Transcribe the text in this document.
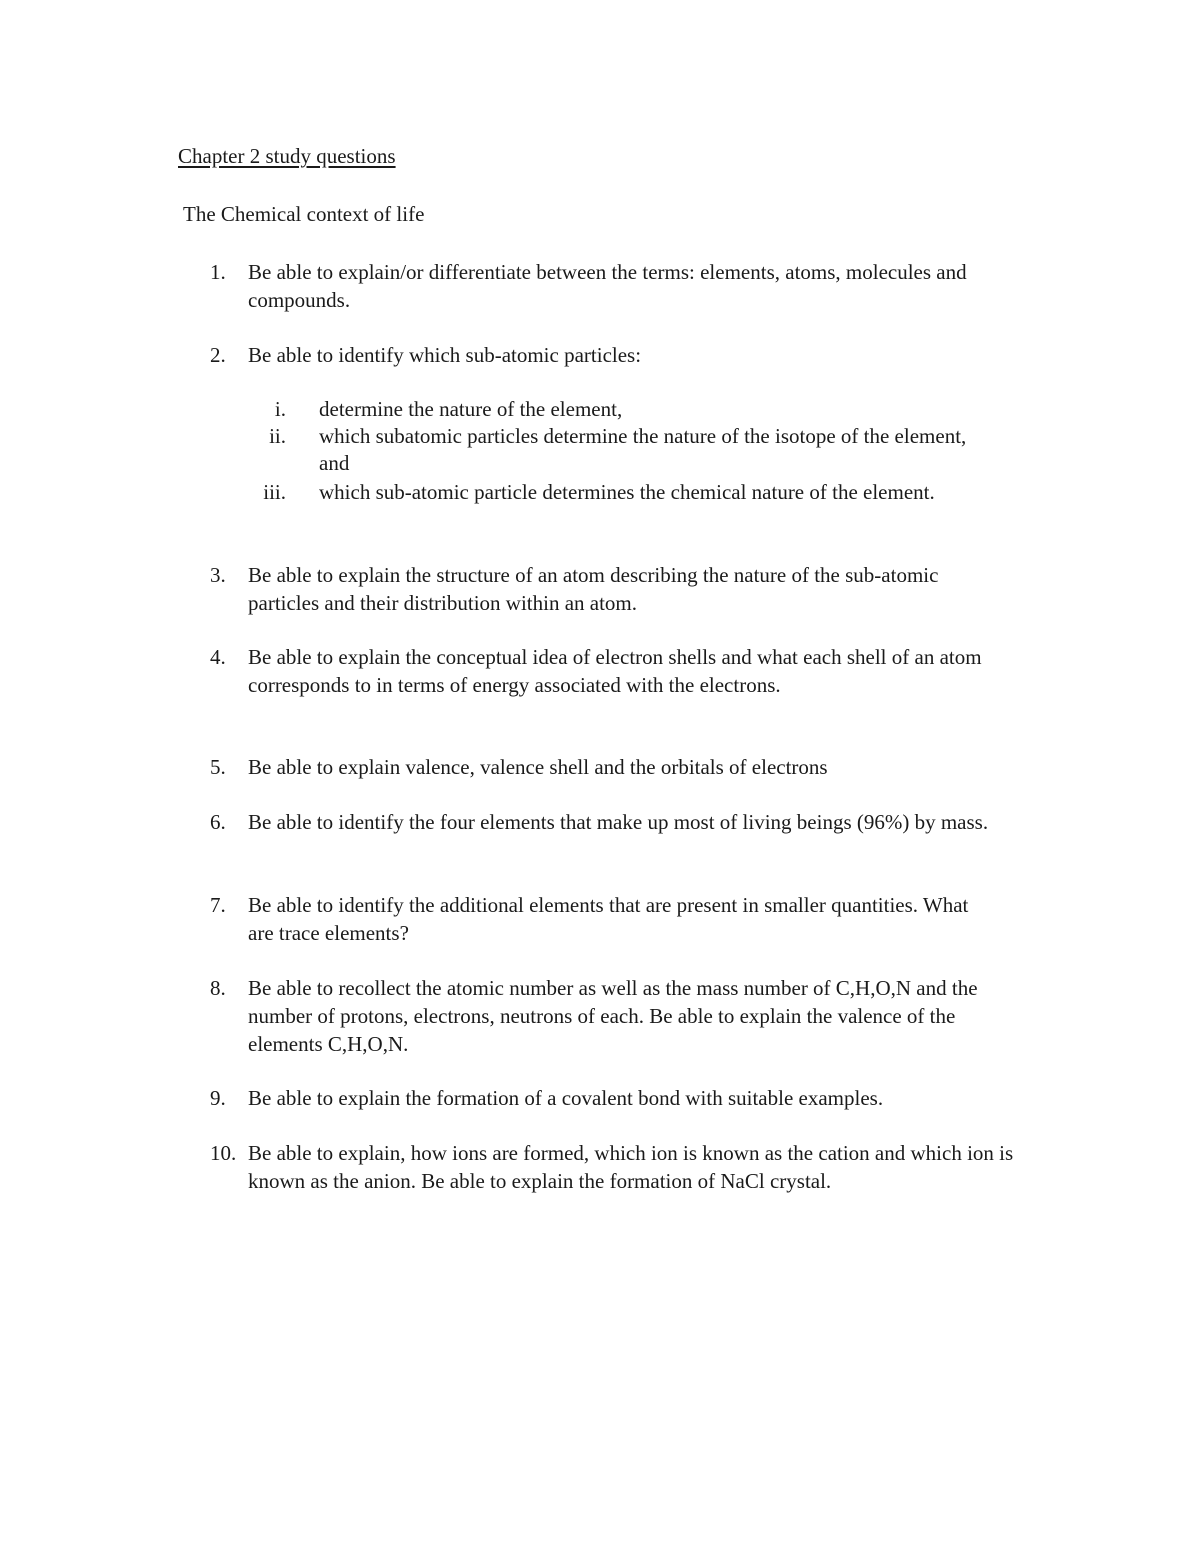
Chapter 2 study questions
The Chemical context of life
1.	Be able to explain/or differentiate between the terms: elements, atoms, molecules and compounds.
2.	Be able to identify which sub-atomic particles:
i. determine the nature of the element,
ii. which subatomic particles determine the nature of the isotope of the element, and
iii. which sub-atomic particle determines the chemical nature of the element.
3.	Be able to explain the structure of an atom describing the nature of the sub-atomic particles and their distribution within an atom.
4.	Be able to explain the conceptual idea of electron shells and what each shell of an atom corresponds to in terms of energy associated with the electrons.
5.	Be able to explain valence, valence shell and the orbitals of electrons
6.	Be able to identify the four elements that make up most of living beings (96%) by mass.
7.	Be able to identify the additional elements that are present in smaller quantities. What are trace elements?
8.	Be able to recollect the atomic number as well as the mass number of C,H,O,N and the number of protons, electrons, neutrons of each. Be able to explain the valence of the elements C,H,O,N.
9.	Be able to explain the formation of a covalent bond with suitable examples.
10. Be able to explain, how ions are formed, which ion is known as the cation and which ion is known as the anion. Be able to explain the formation of NaCl crystal.
